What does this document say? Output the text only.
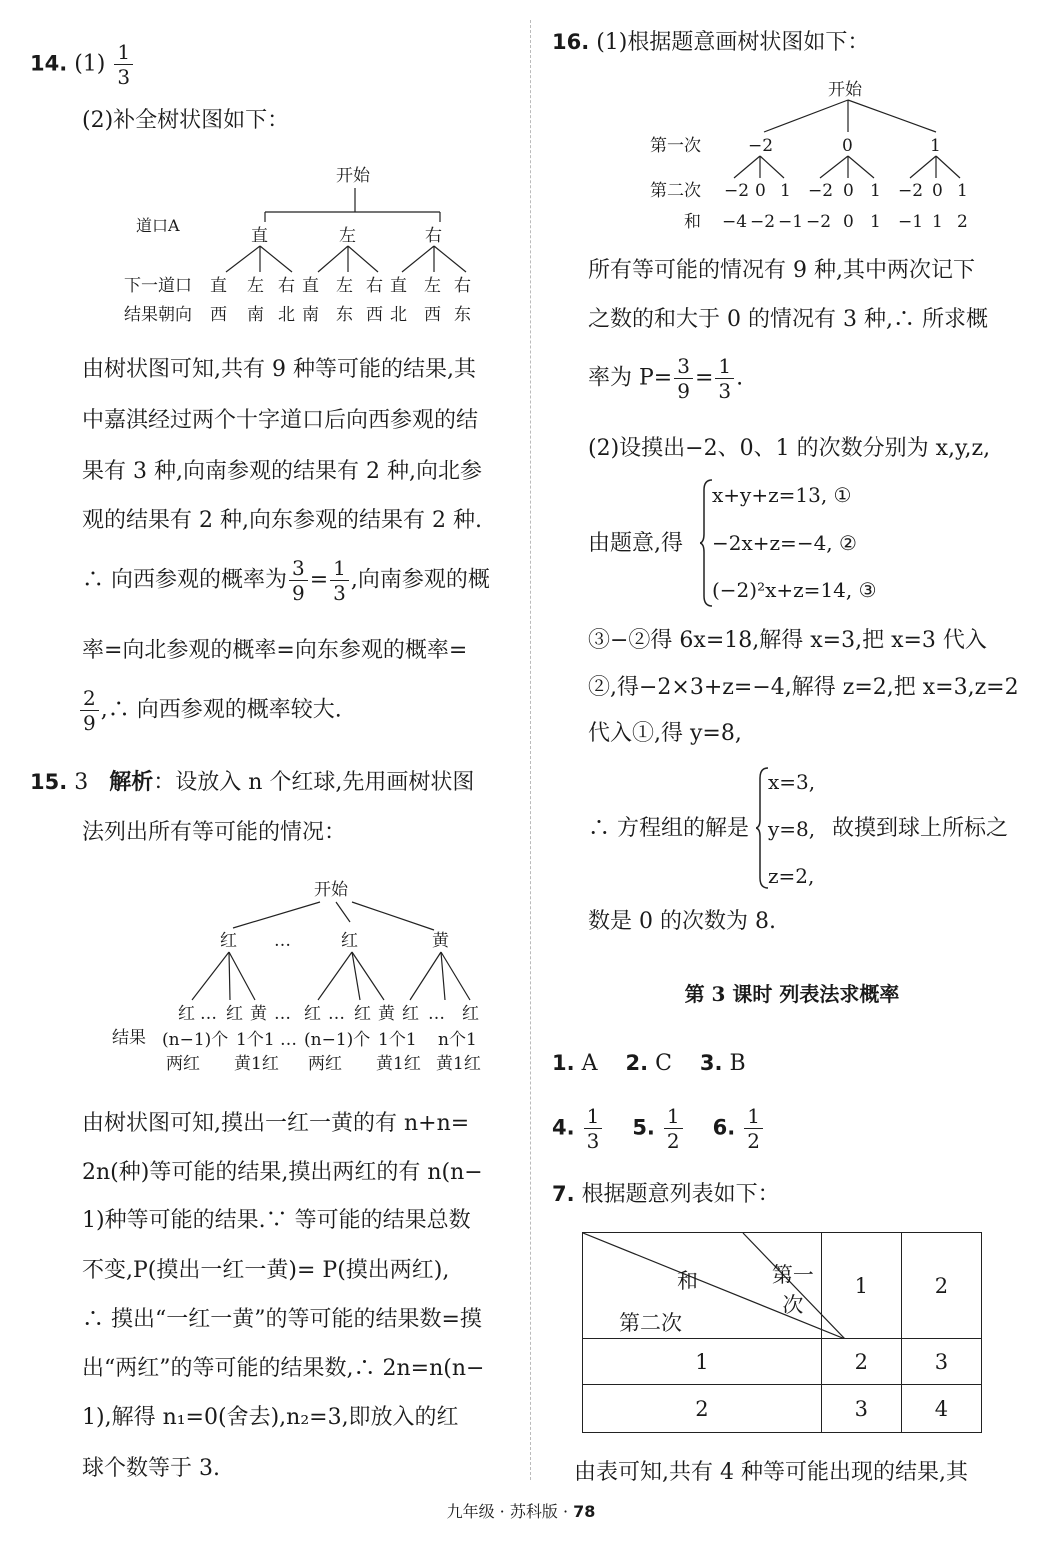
14. $(1) \frac{1}{3}$
(2)补全树状图如下：
开始
道口A
直	左	右
下一道口
结果朝向
直 左 右 直 左 右 直 左 右
西 南 北 南 东 西 北 西 东
由树状图可知,共有 9 种等可能的结果,其
中嘉淇经过两个十字道口后向西参观的结
果有 3 种,向南参观的结果有 2 种,向北参
观的结果有 2 种,向东参观的结果有 2 种.
∴ 向西参观的概率为 $\frac{3}{9} = \frac{1}{3}$ ,向南参观的概
率=向北参观的概率=向东参观的概率=
$\frac{2}{9}$ ,∴ 向西参观的概率较大.
15. 3 解析：设放入 n 个红球,先用画树状图
法列出所有等可能的情况：
开始
红 …	红	黄
红 … 红 黄 … 红 … 红 黄 红 … 红
结果 (n−1)个 1个1 … (n−1)个 1个1 n个1
两红 黄1红 两红 黄1红 黄1红
由树状图可知,摸出一红一黄的有 n+n=
2n(种)等可能的结果,摸出两红的有 n(n−
1)种等可能的结果.∵ 等可能的结果总数
不变,P(摸出一红一黄)= P(摸出两红),
∴ 摸出“一红一黄”的等可能的结果数=摸
出“两红”的等可能的结果数,∴ 2n=n(n−
1),解得 n₁=0(舍去),n₂=3,即放入的红
球个数等于 3.
16. (1)根据题意画树状图如下：
开始
第一次	−2	0	1
第二次 −2 0 1 −2 0 1 −2 0 1
和 −4 −2 −1 −2 0 1 −1 1 2
所有等可能的情况有 9 种,其中两次记下
之数的和大于 0 的情况有 3 种,∴ 所求概
率为 $P= \frac{3}{9} = \frac{1}{3}$ .
(2)设摸出−2、0、1 的次数分别为 x,y,z,
由题意,得
x+y+z=13, ①
−2x+z=−4, ②
(−2)²x+z=14, ③
③−②得 6x=18,解得 x=3,把 x=3 代入
②,得−2×3+z=−4,解得 z=2,把 x=3,z=2
代入①,得 y=8,
∴ 方程组的解是
x=3,
y=8,
z=2,
故摸到球上所标之
数是 0 的次数为 8.
第 3 课时 列表法求概率
1. A 2. C 3. B
4. $\frac{1}{3} 5$. $\frac{1}{2} 6$. $\frac{1}{2}$
7. 根据题意列表如下：
第一次
和
第二次	1	2
1	2	3
2	3	4
由表可知,共有 4 种等可能出现的结果,其
九年级 · 苏科版 · 78
